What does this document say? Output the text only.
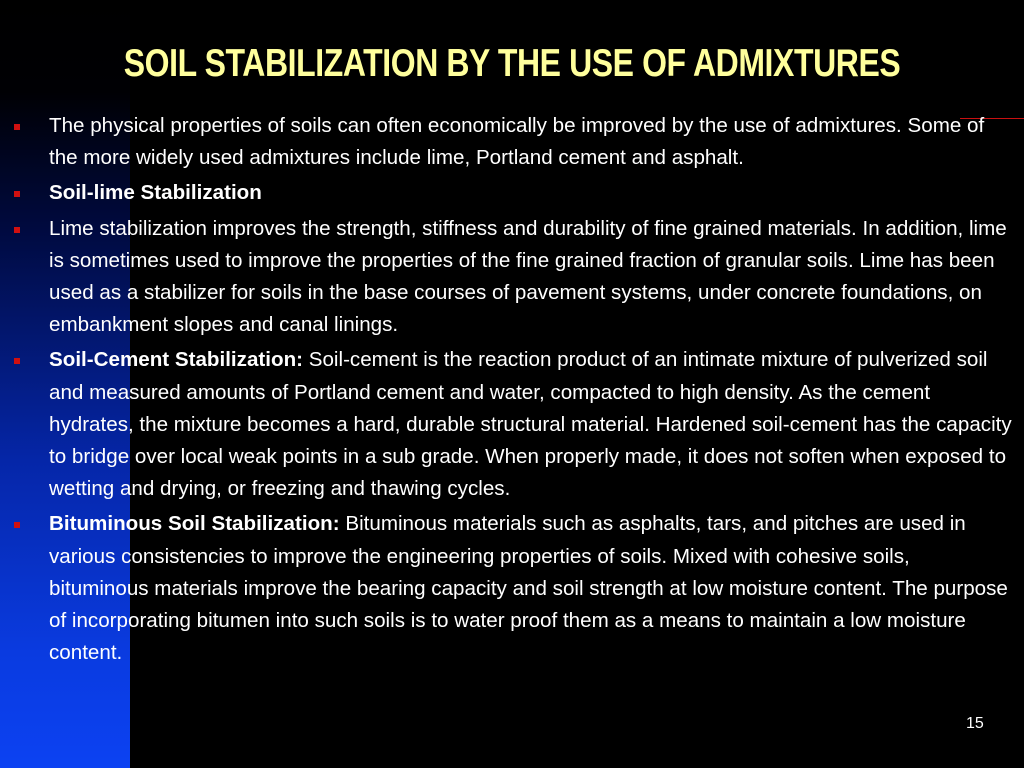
SOIL STABILIZATION BY THE USE OF ADMIXTURES
The physical properties of soils can often economically be improved by the use of admixtures. Some of the more widely used admixtures include lime, Portland cement and asphalt.
Soil-lime Stabilization
Lime stabilization improves the strength, stiffness and durability of fine grained materials. In addition, lime is sometimes used to improve the properties of the fine grained fraction of granular soils. Lime has been used as a stabilizer for soils in the base courses of pavement systems, under concrete foundations, on embankment slopes and canal linings.
Soil-Cement Stabilization: Soil-cement is the reaction product of an intimate mixture of pulverized soil and measured amounts of Portland cement and water, compacted to high density. As the cement hydrates, the mixture becomes a hard, durable structural material. Hardened soil-cement has the capacity to bridge over local weak points in a sub grade. When properly made, it does not soften when exposed to wetting and drying, or freezing and thawing cycles.
Bituminous Soil Stabilization: Bituminous materials such as asphalts, tars, and pitches are used in various consistencies to improve the engineering properties of soils. Mixed with cohesive soils, bituminous materials improve the bearing capacity and soil strength at low moisture content. The purpose of incorporating bitumen into such soils is to water proof them as a means to maintain a low moisture content.
15
